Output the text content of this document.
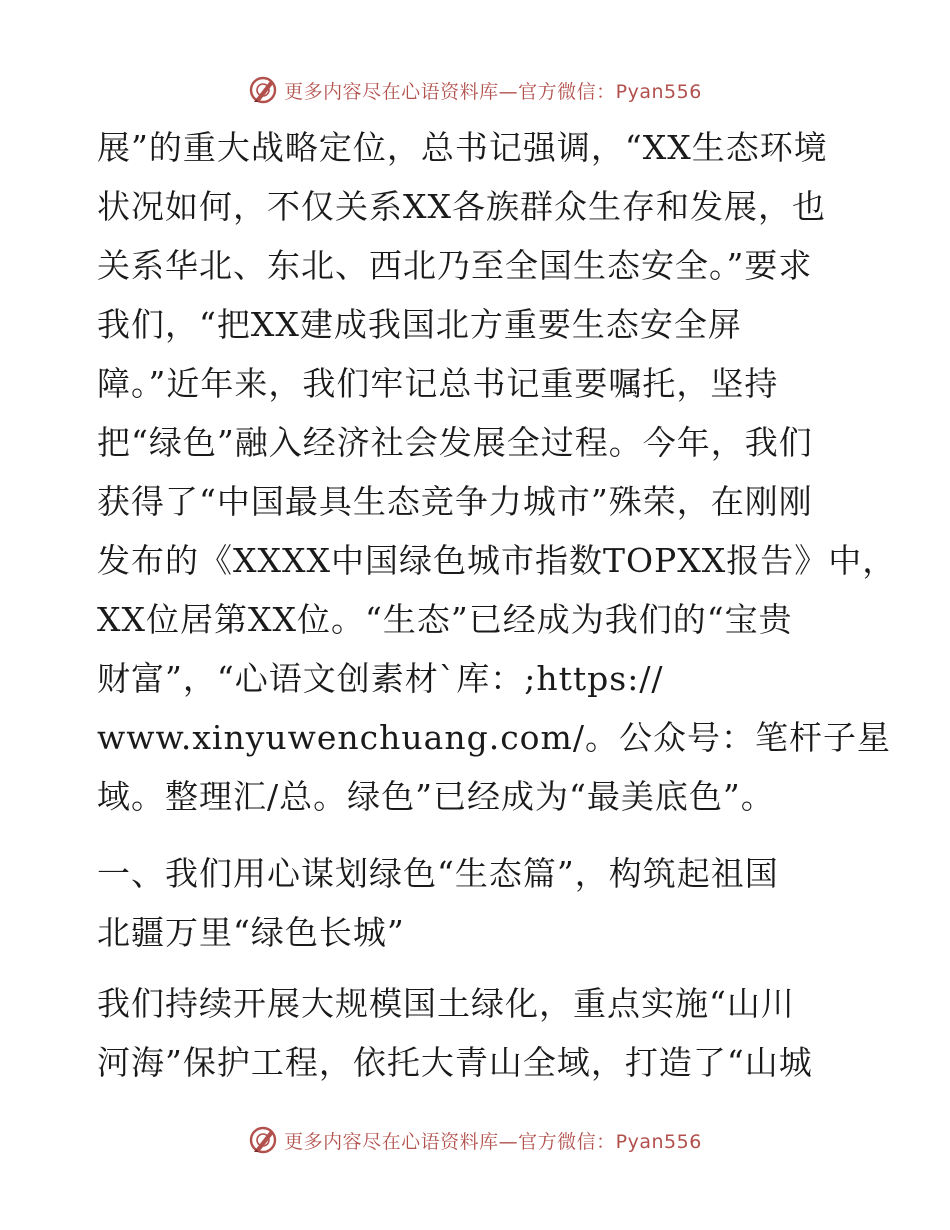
更多内容尽在心语资料库—官方微信：Pyan556
展”的重大战略定位，总书记强调，“XX生态环境
状况如何，不仅关系XX各族群众生存和发展，也
关系华北、东北、西北乃至全国生态安全。”要求
我们，“把XX建成我国北方重要生态安全屏
障。”近年来，我们牢记总书记重要嘱托，坚持
把“绿色”融入经济社会发展全过程。今年，我们
获得了“中国最具生态竞争力城市”殊荣，在刚刚
发布的《XXXX中国绿色城市指数TOPXX报告》中，
XX位居第XX位。“生态”已经成为我们的“宝贵
财富”，“心语文创素材`库：;https://
www.xinyuwenchuang.com/。公众号：笔杆子星
域。整理汇/总。绿色”已经成为“最美底色”。
一、我们用心谋划绿色“生态篇”，构筑起祖国
北疆万里“绿色长城”
我们持续开展大规模国土绿化，重点实施“山川
河海”保护工程，依托大青山全域，打造了“山城
更多内容尽在心语资料库—官方微信：Pyan556
